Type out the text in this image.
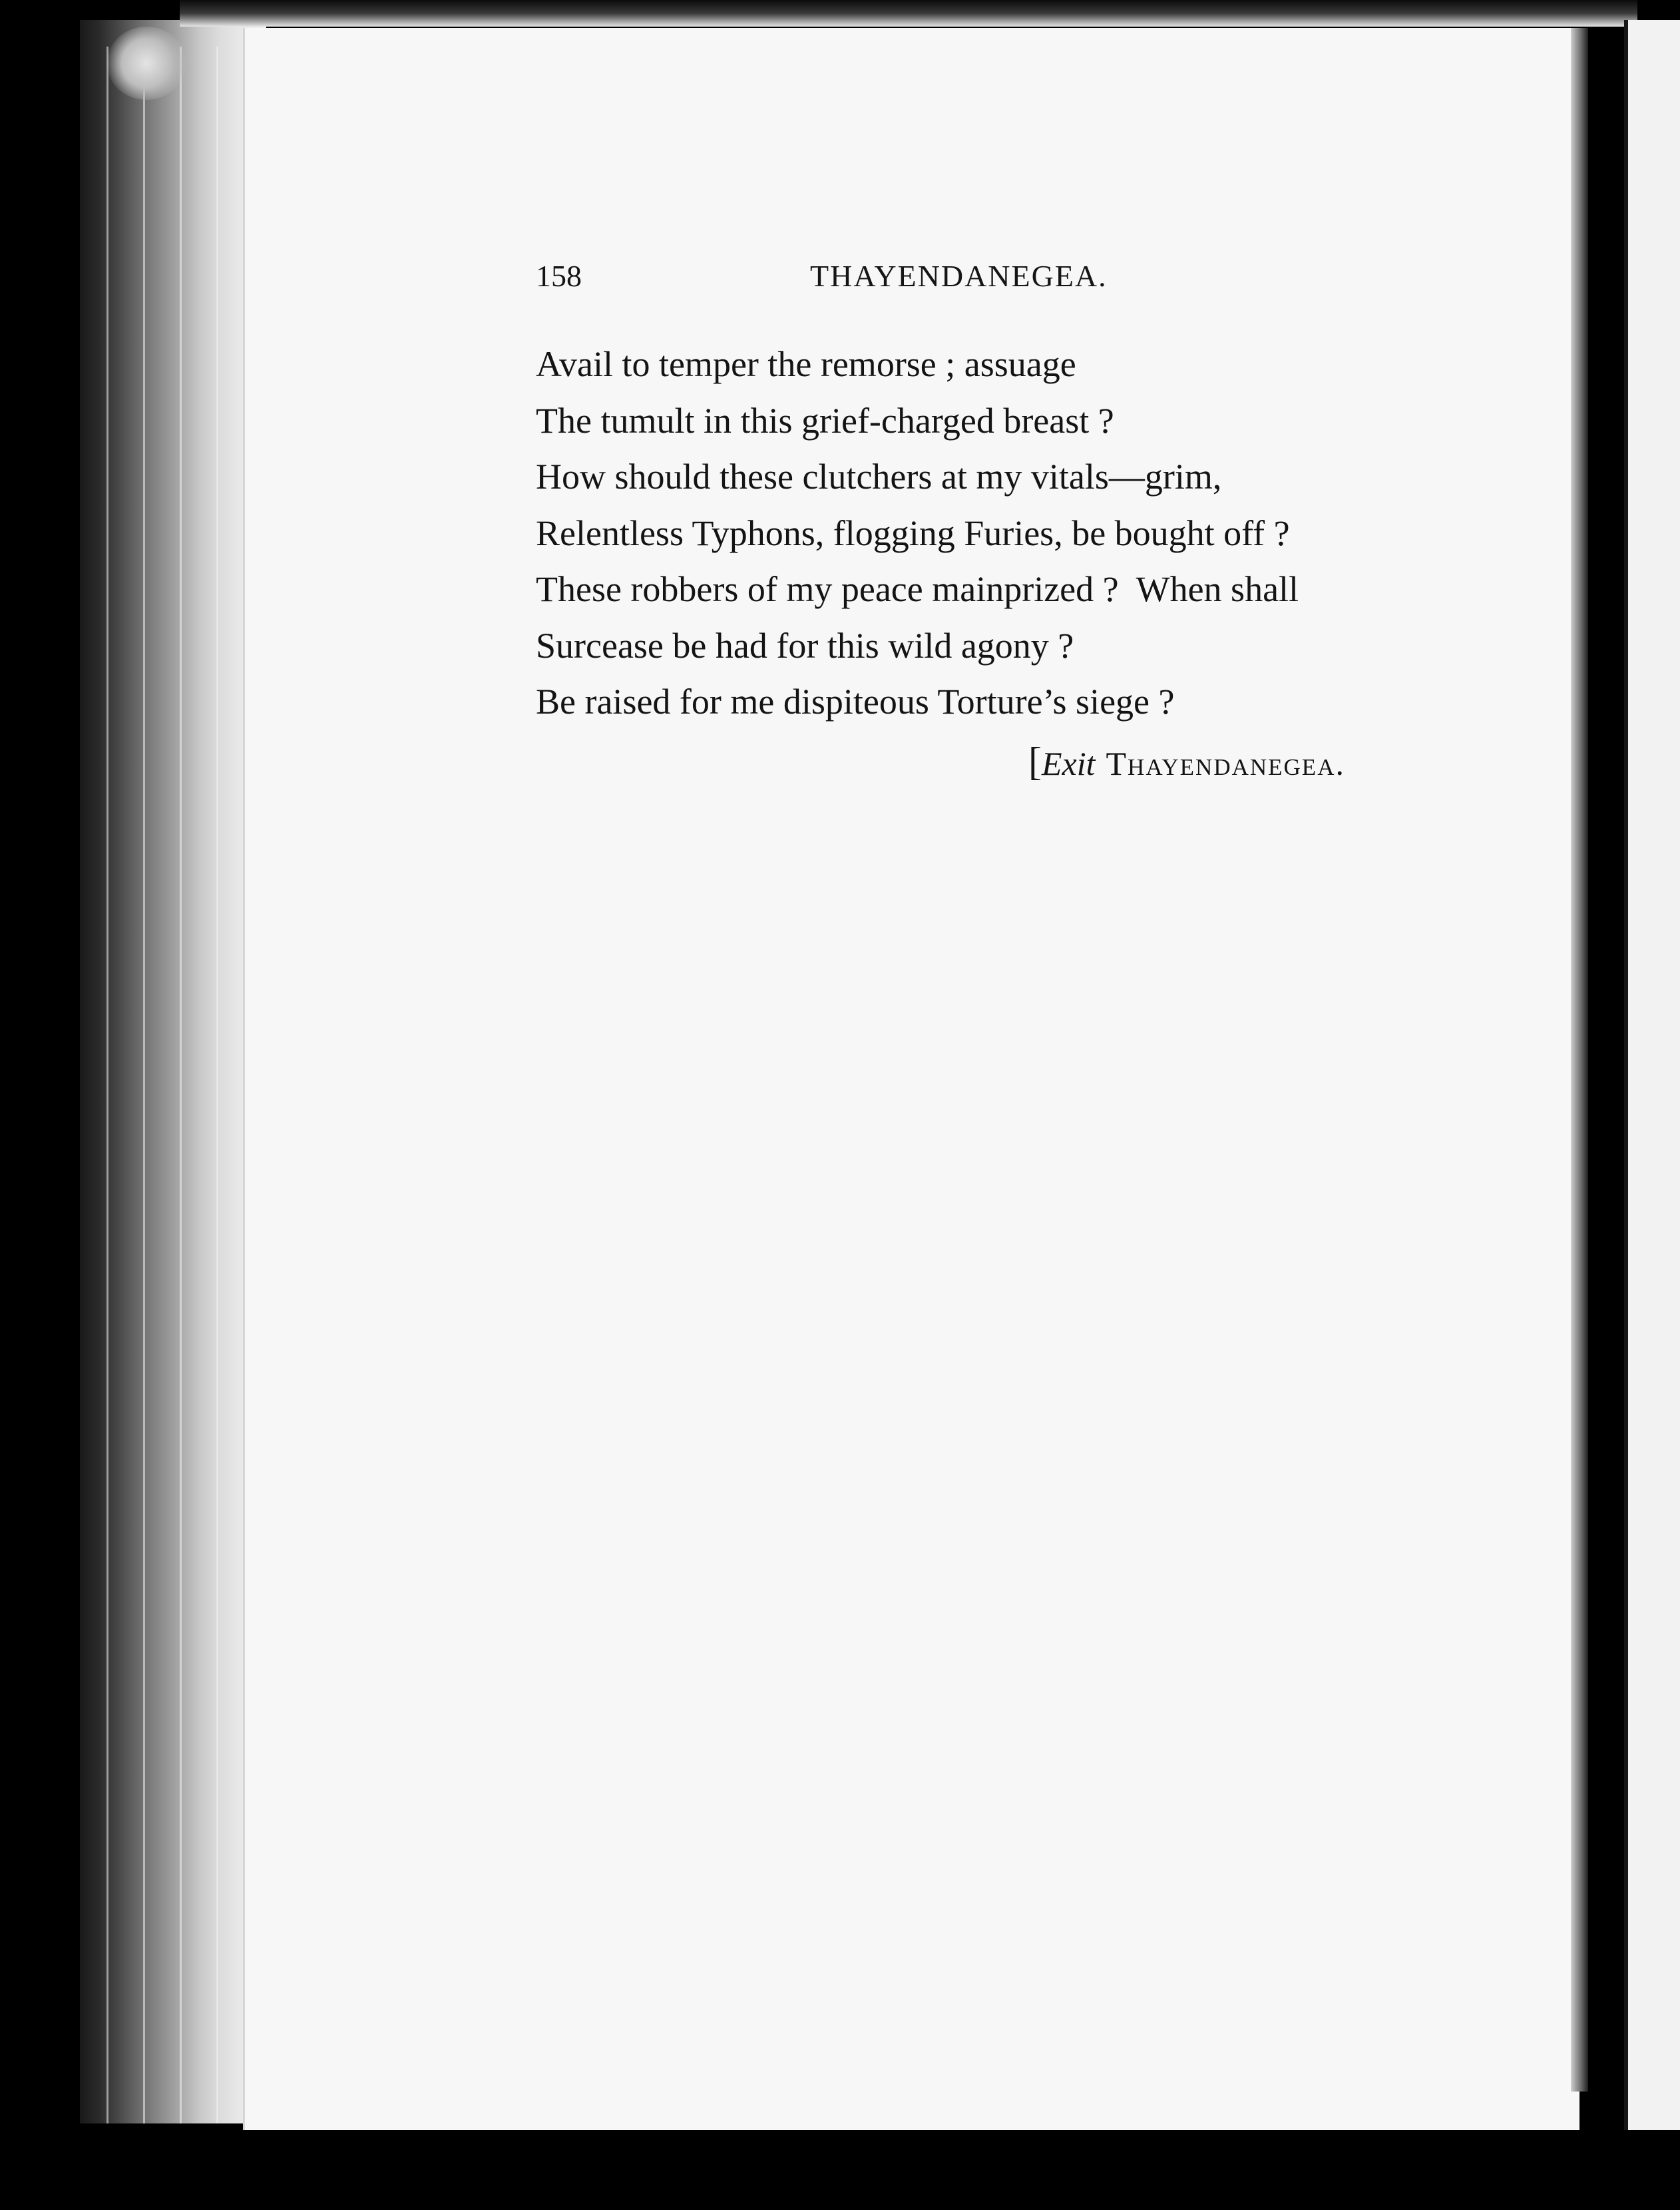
158	THAYENDANEGEA.
Avail to temper the remorse ; assuage
The tumult in this grief-charged breast ?
How should these clutchers at my vitals—grim,
Relentless Typhons, flogging Furies, be bought off ?
These robbers of my peace mainprized ?  When shall
Surcease be had for this wild agony ?
Be raised for me dispiteous Torture’s siege ?
[Exit Thayendanegea.
